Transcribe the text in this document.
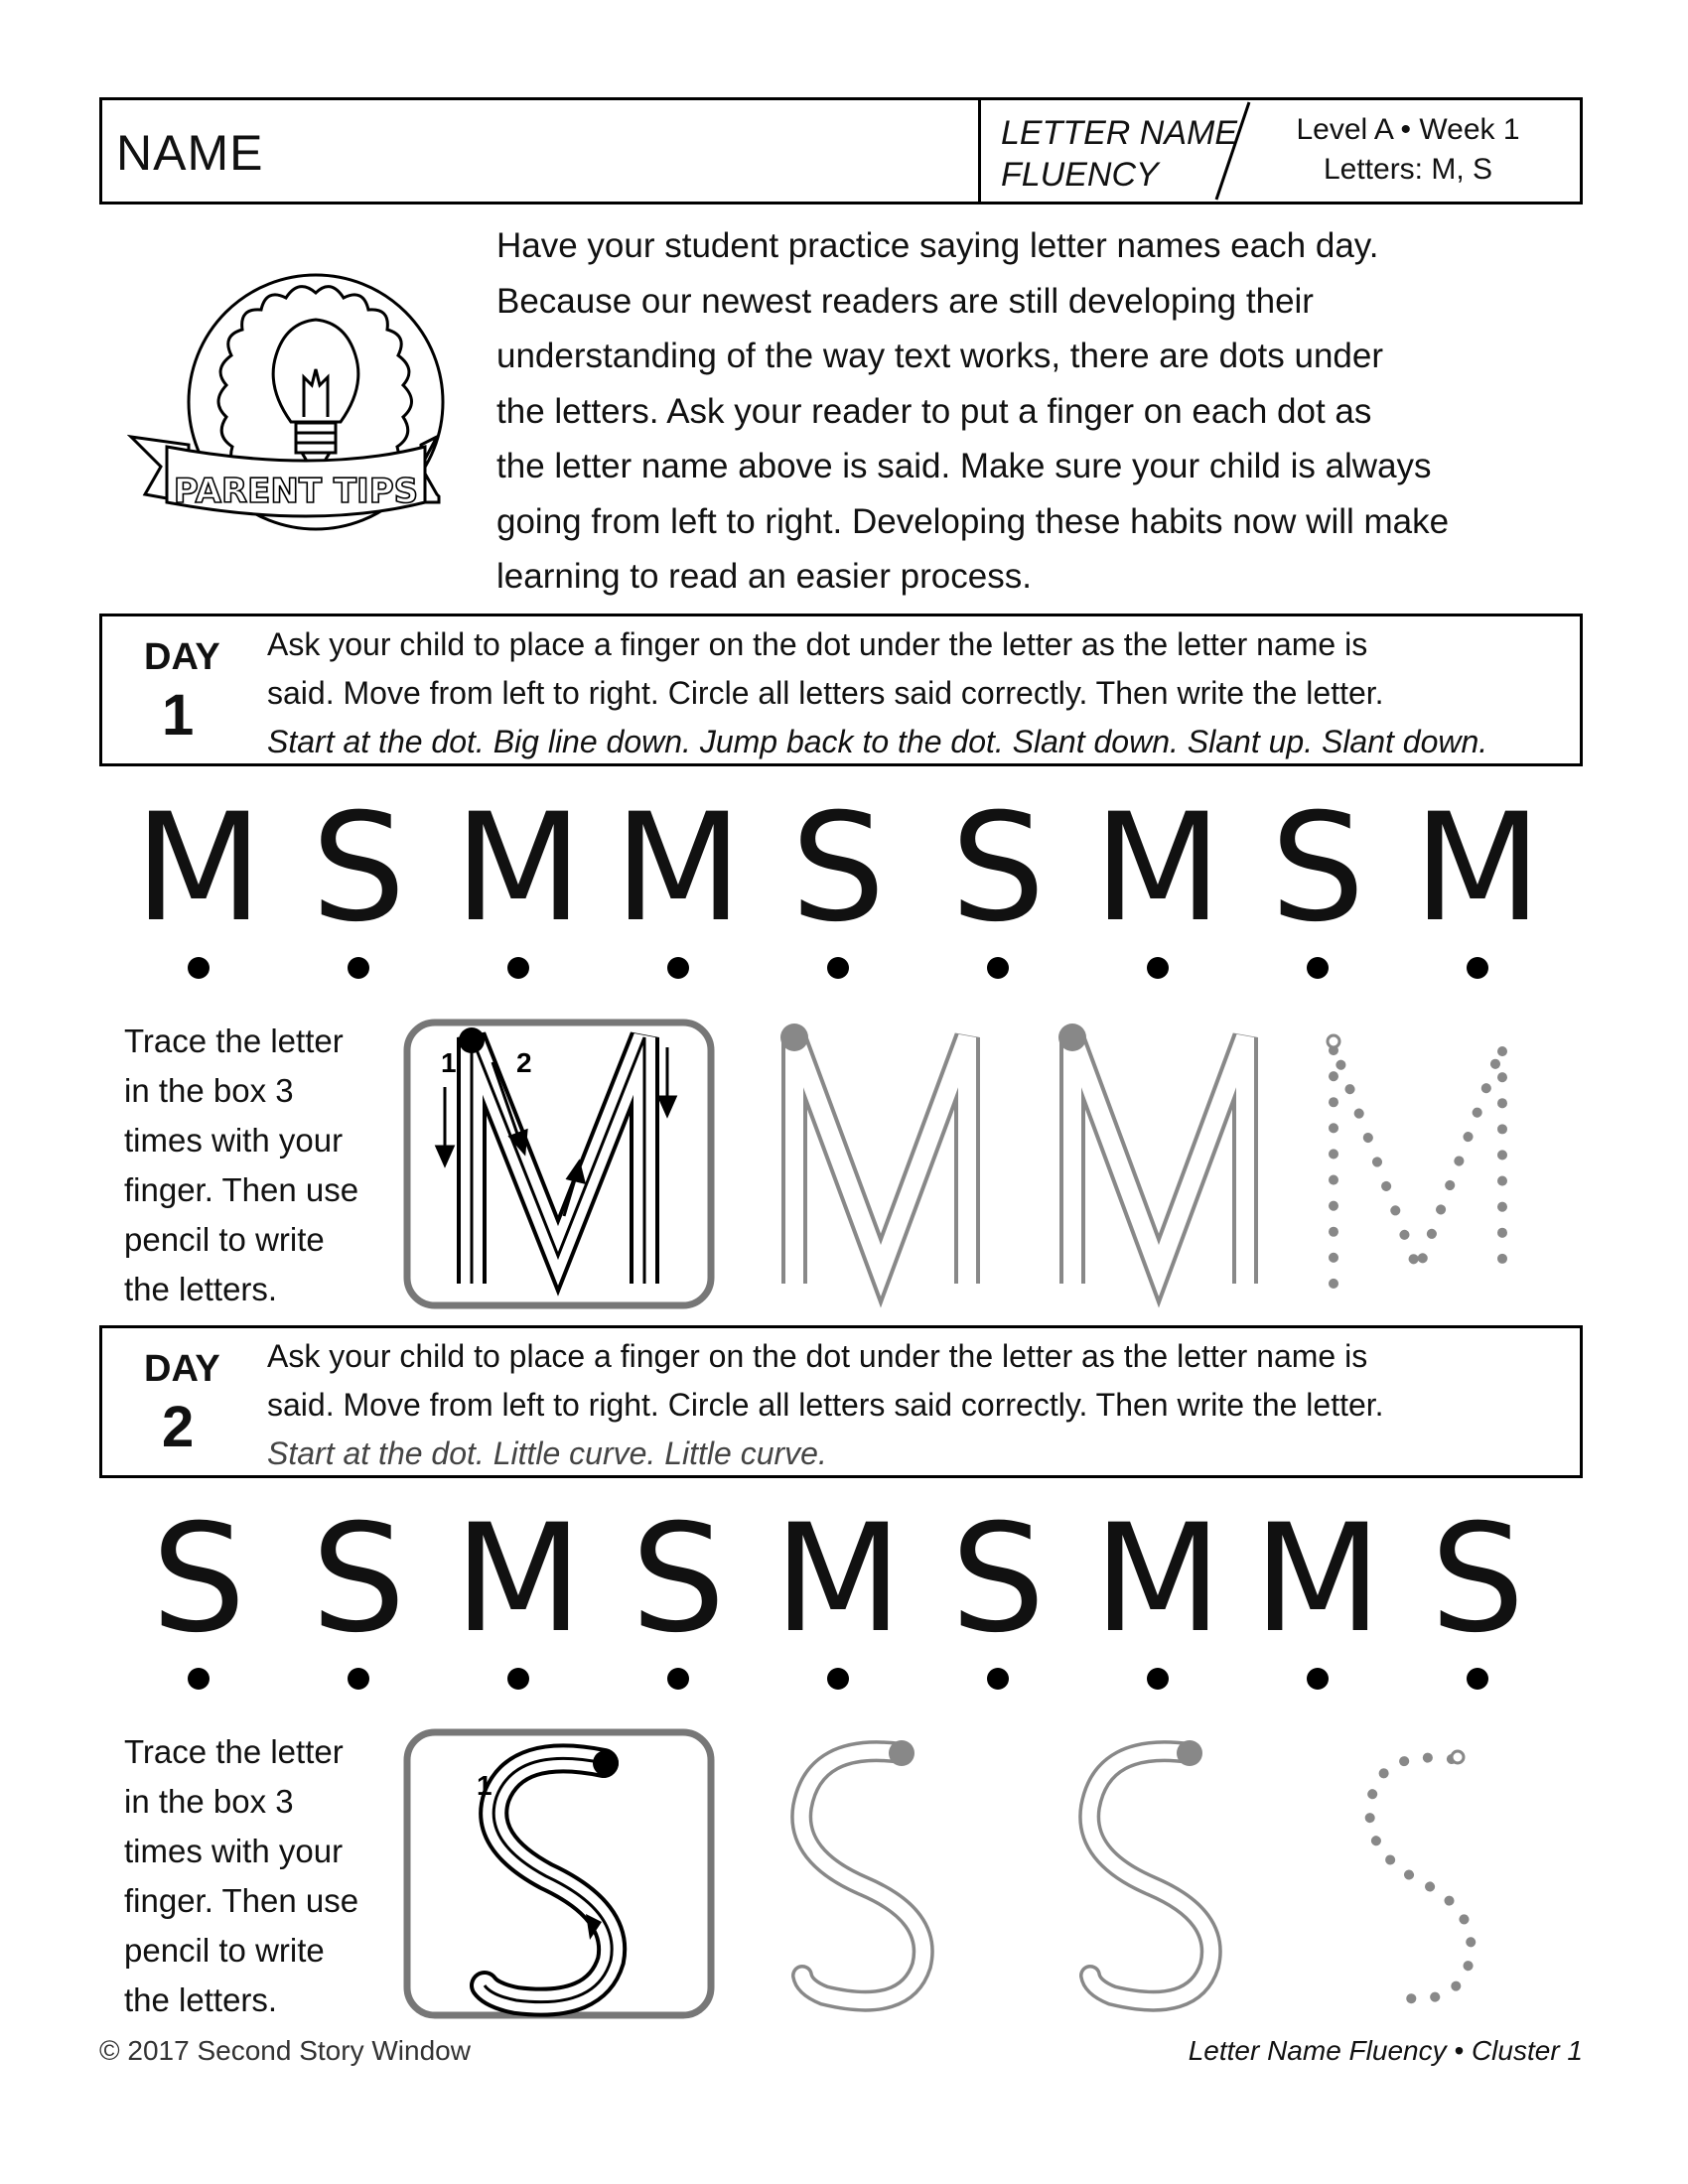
NAME	LETTER NAME
FLUENCY
Level A • Week 1
Letters: M, S
PARENT TIPS
Have your student practice saying letter names each day.
Because our newest readers are still developing their
understanding of the way text works, there are dots under
the letters. Ask your reader to put a finger on each dot as
the letter name above is said. Make sure your child is always
going from left to right. Developing these habits now will make
learning to read an easier process.
DAY
1
Ask your child to place a finger on the dot under the letter as the letter name is
said. Move from left to right. Circle all letters said correctly. Then write the letter.
Start at the dot. Big line down. Jump back to the dot. Slant down. Slant up. Slant down.
M S M M S S M S M
Trace the letter
in the box 3
times with your
finger. Then use
pencil to write
the letters.
1 2
DAY
2
Ask your child to place a finger on the dot under the letter as the letter name is
said. Move from left to right. Circle all letters said correctly. Then write the letter.
Start at the dot. Little curve. Little curve.
S S M S M S M M S
Trace the letter
in the box 3
times with your
finger. Then use
pencil to write
the letters.
1
© 2017 Second Story Window	Letter Name Fluency • Cluster 1
